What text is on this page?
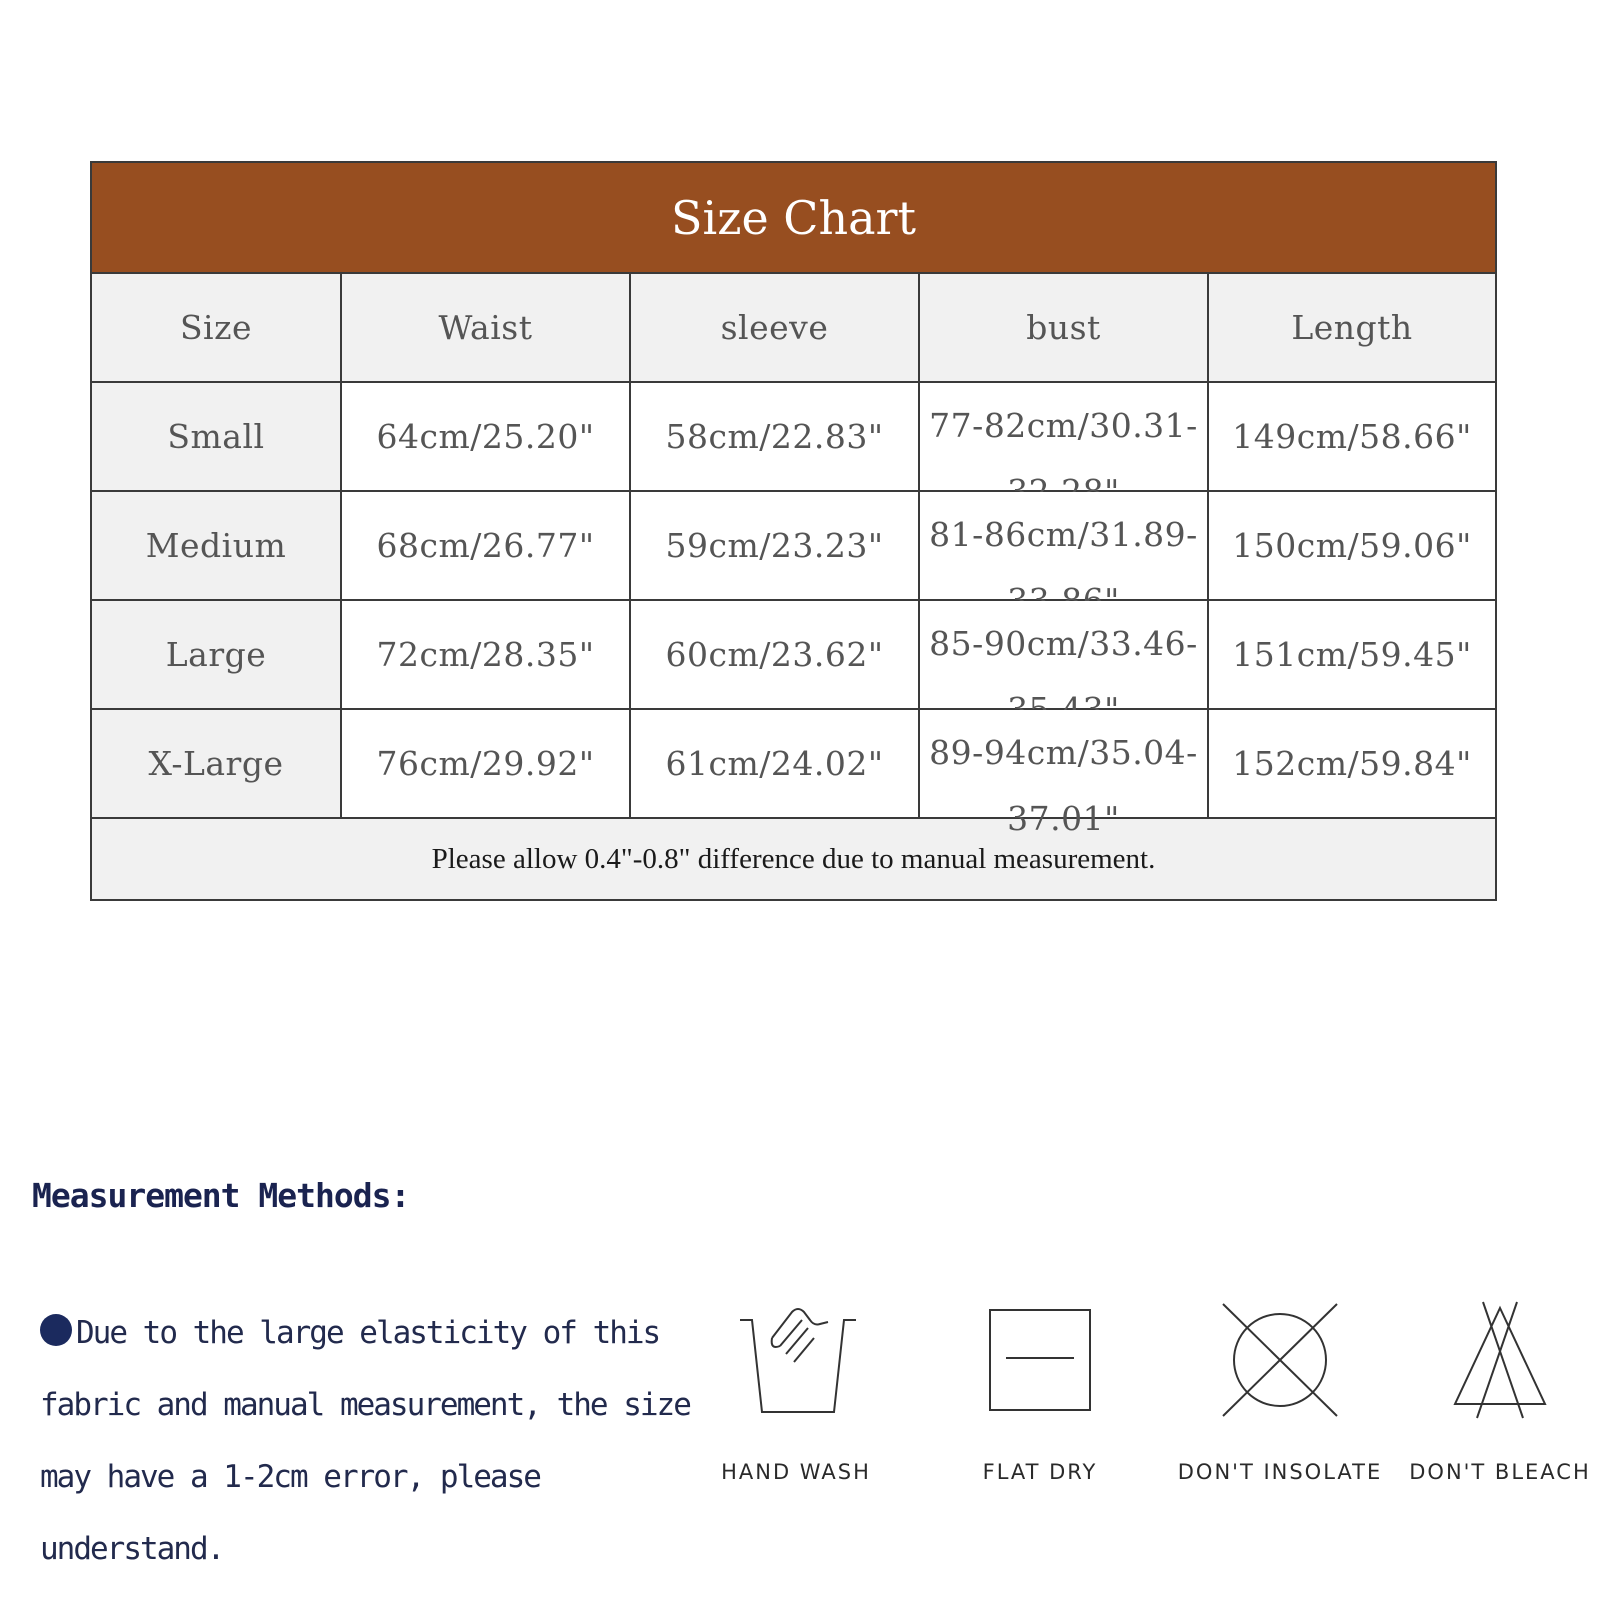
Size Chart
Size	Waist	sleeve	bust	Length
Small	64cm/25.20"	58cm/22.83"	77-82cm/30.31-	149cm/58.66"
Medium	68cm/26.77"	59cm/23.23"	81-86cm/31.89-	150cm/59.06"
Large	72cm/28.35"	60cm/23.62"	85-90cm/33.46-	151cm/59.45"
X-Large	76cm/29.92"	61cm/24.02"	89-94cm/35.04-	152cm/59.84"
Please allow 0.4"-0.8" difference due to manual measurement.
Measurement Methods:
Due to the large elasticity of this fabric and manual measurement, the size may have a 1-2cm error, please understand.
HAND WASH	FLAT DRY	DON'T INSOLATE DON'T BLEACH
